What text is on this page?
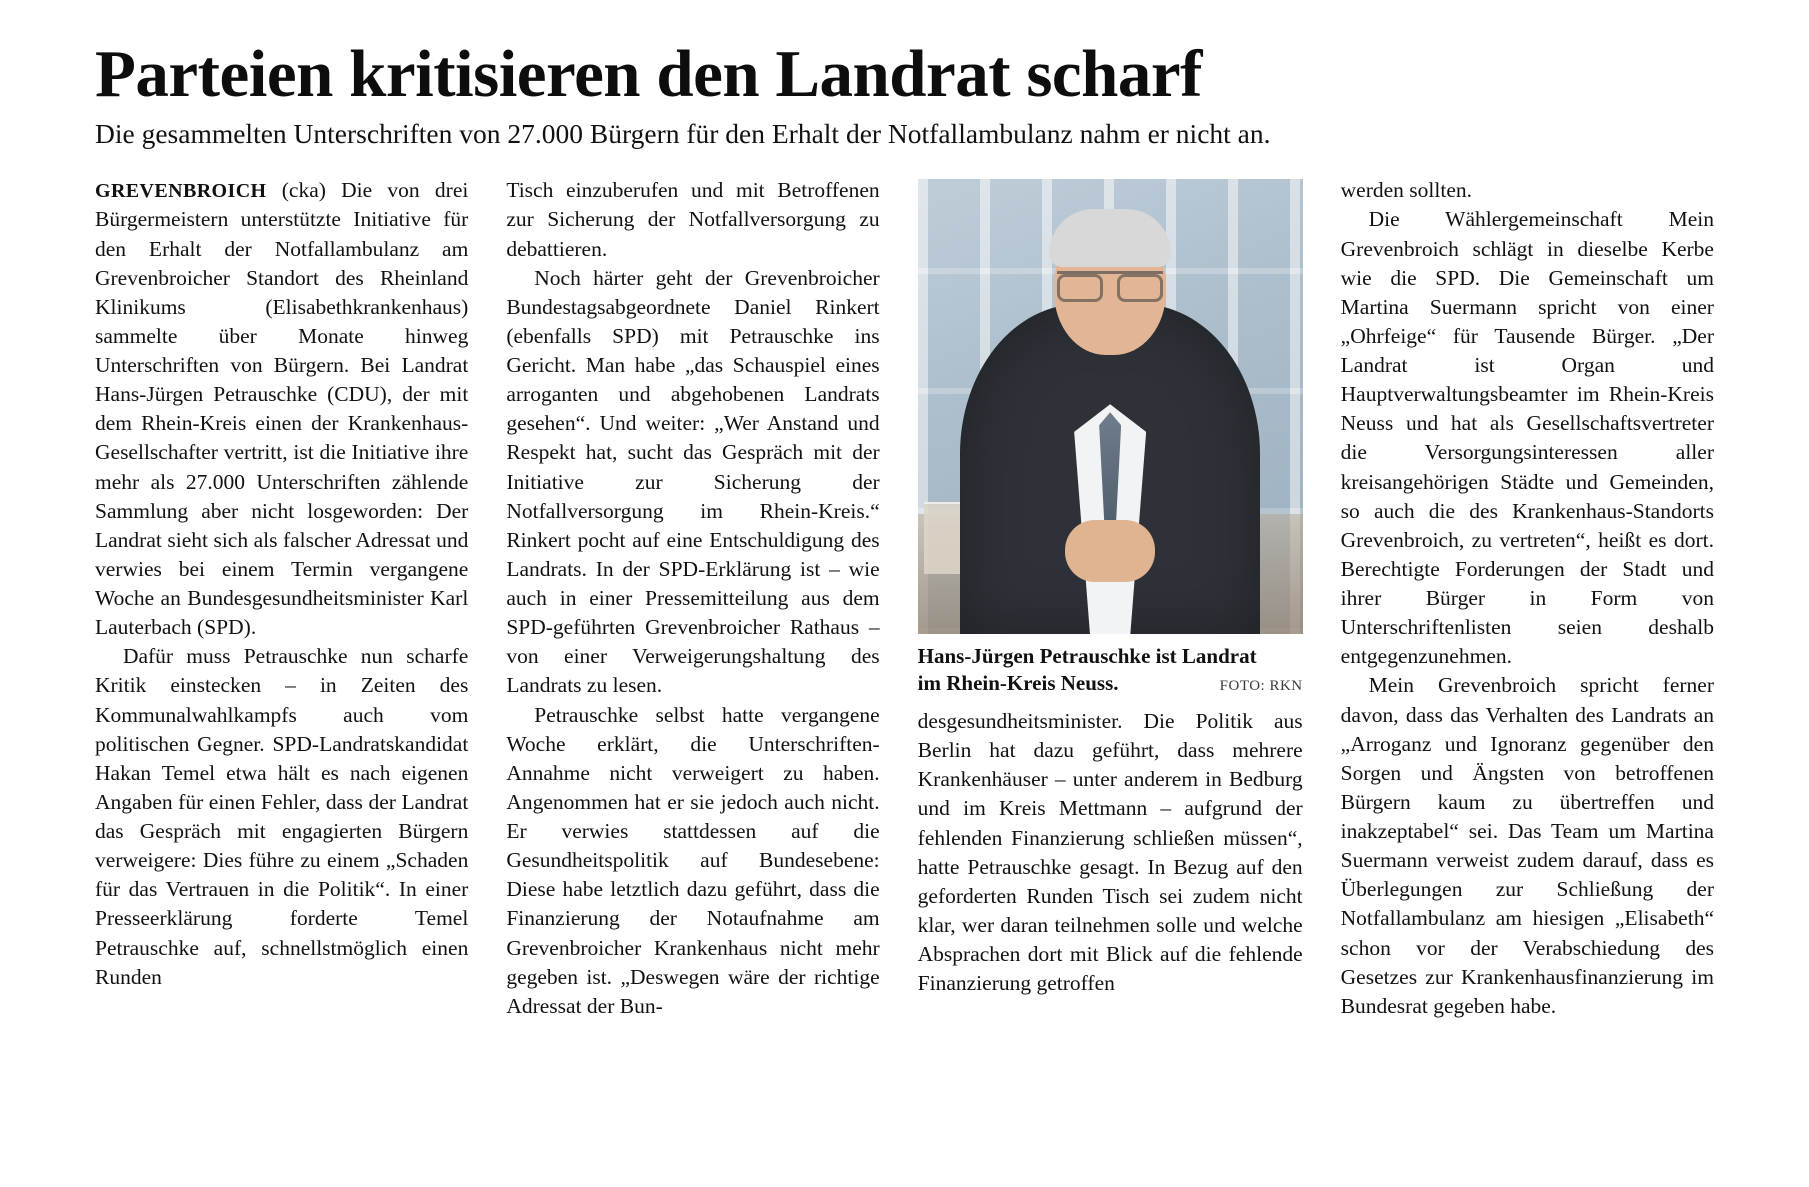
Parteien kritisieren den Landrat scharf
Die gesammelten Unterschriften von 27.000 Bürgern für den Erhalt der Notfallambulanz nahm er nicht an.

GREVENBROICH (cka) Die von drei Bürgermeistern unterstützte Initiative für den Erhalt der Notfallambulanz am Grevenbroicher Standort des Rheinland Klinikums (Elisabethkrankenhaus) sammelte über Monate hinweg Unterschriften von Bürgern. Bei Landrat Hans-Jürgen Petrauschke (CDU), der mit dem Rhein-Kreis einen der Krankenhaus-Gesellschafter vertritt, ist die Initiative ihre mehr als 27.000 Unterschriften zählende Sammlung aber nicht losgeworden: Der Landrat sieht sich als falscher Adressat und verwies bei einem Termin vergangene Woche an Bundesgesundheitsminister Karl Lauterbach (SPD).

Dafür muss Petrauschke nun scharfe Kritik einstecken – in Zeiten des Kommunalwahlkampfs auch vom politischen Gegner. SPD-Landratskandidat Hakan Temel etwa hält es nach eigenen Angaben für einen Fehler, dass der Landrat das Gespräch mit engagierten Bürgern verweigere: Dies führe zu einem „Schaden für das Vertrauen in die Politik“. In einer Presseerklärung forderte Temel Petrauschke auf, schnellstmöglich einen Runden

Tisch einzuberufen und mit Betroffenen zur Sicherung der Notfallversorgung zu debattieren.

Noch härter geht der Grevenbroicher Bundestagsabgeordnete Daniel Rinkert (ebenfalls SPD) mit Petrauschke ins Gericht. Man habe „das Schauspiel eines arroganten und abgehobenen Landrats gesehen“. Und weiter: „Wer Anstand und Respekt hat, sucht das Gespräch mit der Initiative zur Sicherung der Notfallversorgung im Rhein-Kreis.“ Rinkert pocht auf eine Entschuldigung des Landrats. In der SPD-Erklärung ist – wie auch in einer Pressemitteilung aus dem SPD-geführten Grevenbroicher Rathaus – von einer Verweigerungshaltung des Landrats zu lesen.

Petrauschke selbst hatte vergangene Woche erklärt, die Unterschriften-Annahme nicht verweigert zu haben. Angenommen hat er sie jedoch auch nicht. Er verwies stattdessen auf die Gesundheitspolitik auf Bundesebene: Diese habe letztlich dazu geführt, dass die Finanzierung der Notaufnahme am Grevenbroicher Krankenhaus nicht mehr gegeben ist. „Deswegen wäre der richtige Adressat der Bun-

Hans-Jürgen Petrauschke ist Landrat
im Rhein-Kreis Neuss.	FOTO: RKN

desgesundheitsminister. Die Politik aus Berlin hat dazu geführt, dass mehrere Krankenhäuser – unter anderem in Bedburg und im Kreis Mettmann – aufgrund der fehlenden Finanzierung schließen müssen“, hatte Petrauschke gesagt. In Bezug auf den geforderten Runden Tisch sei zudem nicht klar, wer daran teilnehmen solle und welche Absprachen dort mit Blick auf die fehlende Finanzierung getroffen

werden sollten.

Die Wählergemeinschaft Mein Grevenbroich schlägt in dieselbe Kerbe wie die SPD. Die Gemeinschaft um Martina Suermann spricht von einer „Ohrfeige“ für Tausende Bürger. „Der Landrat ist Organ und Hauptverwaltungsbeamter im Rhein-Kreis Neuss und hat als Gesellschaftsvertreter die Versorgungsinteressen aller kreisangehörigen Städte und Gemeinden, so auch die des Krankenhaus-Standorts Grevenbroich, zu vertreten“, heißt es dort. Berechtigte Forderungen der Stadt und ihrer Bürger in Form von Unterschriftenlisten seien deshalb entgegenzunehmen.

Mein Grevenbroich spricht ferner davon, dass das Verhalten des Landrats an „Arroganz und Ignoranz gegenüber den Sorgen und Ängsten von betroffenen Bürgern kaum zu übertreffen und inakzeptabel“ sei. Das Team um Martina Suermann verweist zudem darauf, dass es Überlegungen zur Schließung der Notfallambulanz am hiesigen „Elisabeth“ schon vor der Verabschiedung des Gesetzes zur Krankenhausfinanzierung im Bundesrat gegeben habe.
